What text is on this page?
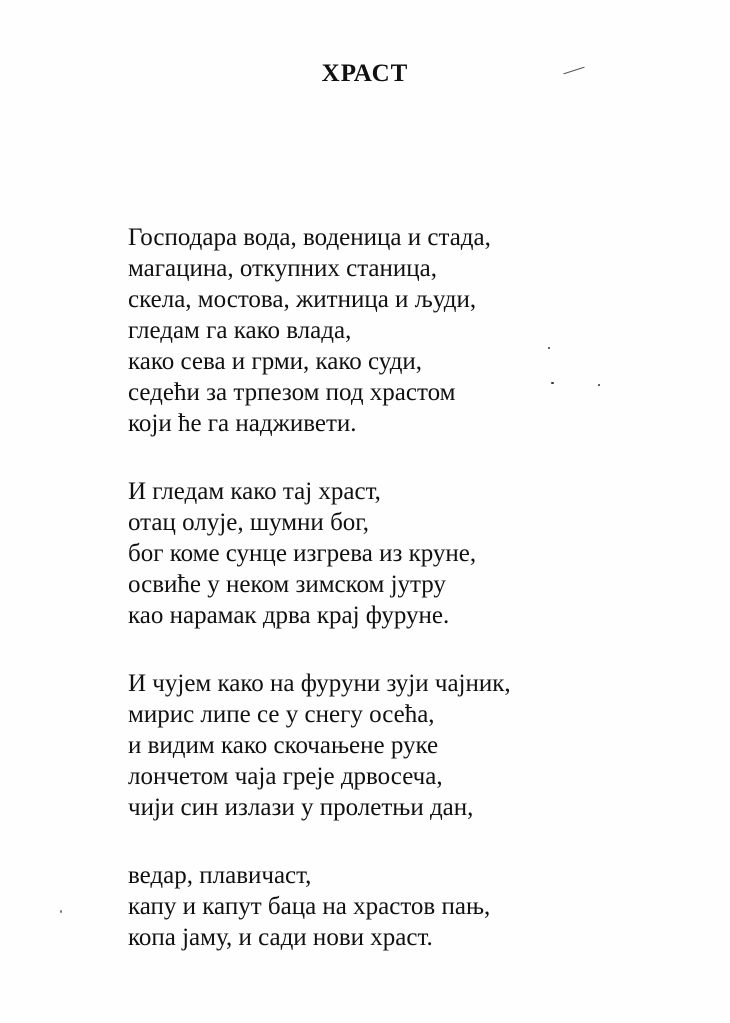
ХРАСТ
Господара вода, воденица и стада,
магацина, откупних станица,
скела, мостова, житница и људи,
гледам га како влада,
како сева и грми, како суди,
седећи за трпезом под храстом
који ће га надживети.
И гледам како тај храст,
отац олује, шумни бог,
бог коме сунце изгрева из круне,
освиће у неком зимском јутру
као нарамак дрва крај фуруне.
И чујем како на фуруни зуји чајник,
мирис липе се у снегу осећа,
и видим како скочањене руке
лончетом чаја греје дрвосеча,
чији син излази у пролетњи дан,
ведар, плавичаст,
капу и капут баца на храстов пањ,
копа јаму, и сади нови храст.
